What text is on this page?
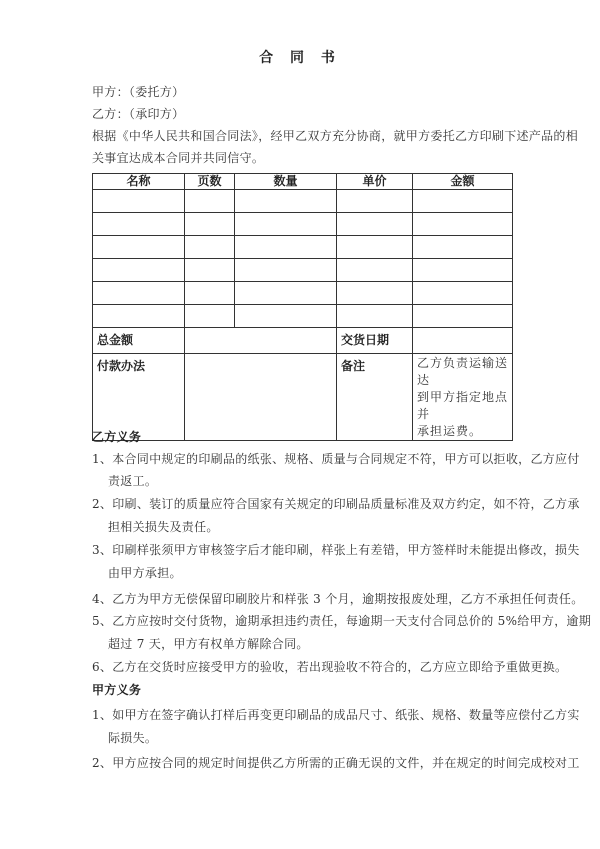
合 同 书
甲方：（委托方）
乙方：（承印方）
根据《中华人民共和国合同法》，经甲乙双方充分协商，就甲方委托乙方印刷下述产品的相
关事宜达成本合同并共同信守。
名称	页数	数量	单价	金额

总金额			交货日期	
付款办法			备注	乙方负责运输送达
到甲方指定地点并
承担运费。
乙方义务
1、本合同中规定的印刷品的纸张、规格、质量与合同规定不符，甲方可以拒收，乙方应付
责返工。
2、印刷、装订的质量应符合国家有关规定的印刷品质量标准及双方约定，如不符，乙方承
担相关损失及责任。
3、印刷样张须甲方审核签字后才能印刷，样张上有差错，甲方签样时未能提出修改，损失
由甲方承担。
4、乙方为甲方无偿保留印刷胶片和样张 3 个月，逾期按报废处理，乙方不承担任何责任。
5、乙方应按时交付货物，逾期承担违约责任，每逾期一天支付合同总价的 5%给甲方，逾期
超过 7 天，甲方有权单方解除合同。
6、乙方在交货时应接受甲方的验收，若出现验收不符合的，乙方应立即给予重做更换。
甲方义务
1、如甲方在签字确认打样后再变更印刷品的成品尺寸、纸张、规格、数量等应偿付乙方实
际损失。
2、甲方应按合同的规定时间提供乙方所需的正确无误的文件，并在规定的时间完成校对工
